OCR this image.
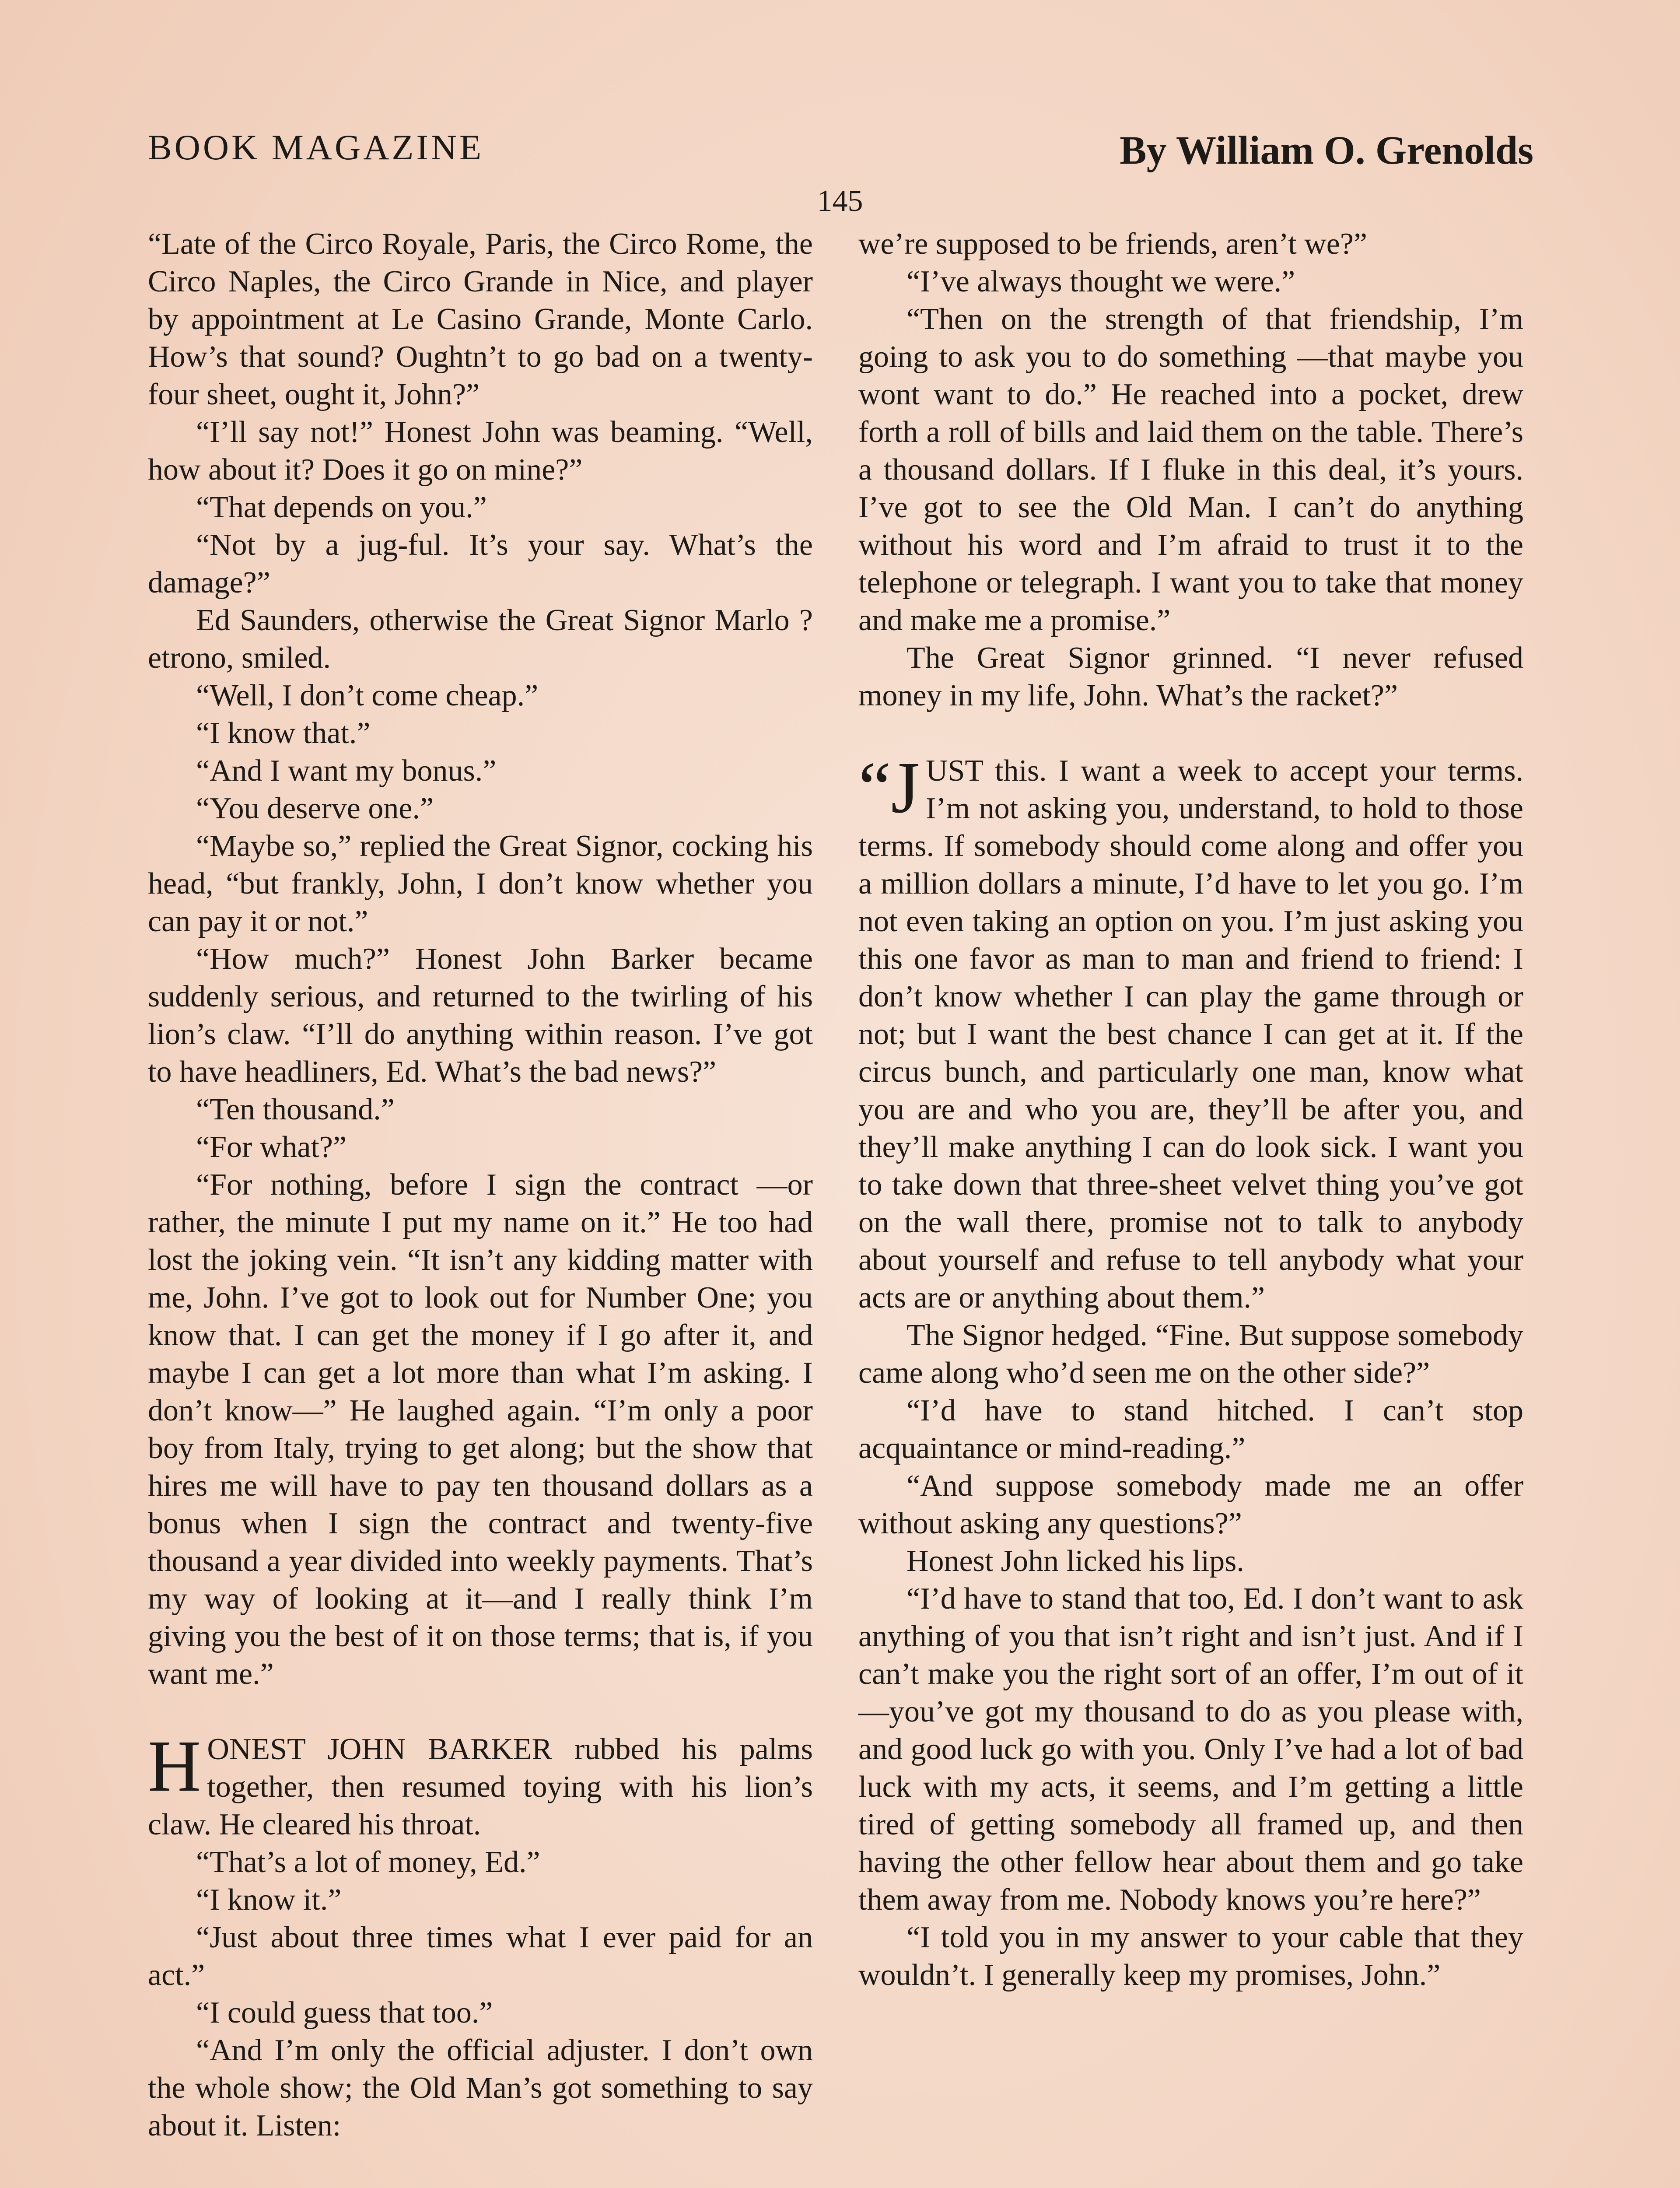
BOOK MAGAZINE	By William O. Grenolds
145

“Late of the Circo Royale, Paris, the Circo Rome, the Circo Naples, the Circo Grande in Nice, and player by appointment at Le Casino Grande, Monte Carlo. How’s that sound? Oughtn’t to go bad on a twenty-four sheet, ought it, John?”

“I’ll say not!” Honest John was beaming. “Well, how about it? Does it go on mine?”

“That depends on you.”

“Not by a jug-ful. It’s your say. What’s the damage?”

Ed Saunders, otherwise the Great Signor Marlo ?etrono, smiled.

“Well, I don’t come cheap.”

“I know that.”

“And I want my bonus.”

“You deserve one.”

“Maybe so,” replied the Great Signor, cocking his head, “but frankly, John, I don’t know whether you can pay it or not.”

“How much?” Honest John Barker became suddenly serious, and returned to the twirling of his lion’s claw. “I’ll do anything within reason. I’ve got to have headliners, Ed. What’s the bad news?”

“Ten thousand.”

“For what?”

“For nothing, before I sign the contract —or rather, the minute I put my name on it.” He too had lost the joking vein. “It isn’t any kidding matter with me, John. I’ve got to look out for Number One; you know that. I can get the money if I go after it, and maybe I can get a lot more than what I’m asking. I don’t know—” He laughed again. “I’m only a poor boy from Italy, trying to get along; but the show that hires me will have to pay ten thousand dollars as a bonus when I sign the contract and twenty-five thousand a year divided into weekly payments. That’s my way of looking at it—and I really think I’m giving you the best of it on those terms; that is, if you want me.”

HONEST JOHN BARKER rubbed his palms together, then resumed toying with his lion’s claw. He cleared his throat.

“That’s a lot of money, Ed.”

“I know it.”

“Just about three times what I ever paid for an act.”

“I could guess that too.”

“And I’m only the official adjuster. I don’t own the whole show; the Old Man’s got something to say about it. Listen:

we’re supposed to be friends, aren’t we?”

“I’ve always thought we were.”

“Then on the strength of that friendship, I’m going to ask you to do something —that maybe you wont want to do.” He reached into a pocket, drew forth a roll of bills and laid them on the table. There’s a thousand dollars. If I fluke in this deal, it’s yours. I’ve got to see the Old Man. I can’t do anything without his word and I’m afraid to trust it to the telephone or telegraph. I want you to take that money and make me a promise.”

The Great Signor grinned. “I never refused money in my life, John. What’s the racket?”

“JUST this. I want a week to accept your terms. I’m not asking you, understand, to hold to those terms. If somebody should come along and offer you a million dollars a minute, I’d have to let you go. I’m not even taking an option on you. I’m just asking you this one favor as man to man and friend to friend: I don’t know whether I can play the game through or not; but I want the best chance I can get at it. If the circus bunch, and particularly one man, know what you are and who you are, they’ll be after you, and they’ll make anything I can do look sick. I want you to take down that three-sheet velvet thing you’ve got on the wall there, promise not to talk to anybody about yourself and refuse to tell anybody what your acts are or anything about them.”

The Signor hedged. “Fine. But suppose somebody came along who’d seen me on the other side?”

“I’d have to stand hitched. I can’t stop acquaintance or mind-reading.”

“And suppose somebody made me an offer without asking any questions?”

Honest John licked his lips.

“I’d have to stand that too, Ed. I don’t want to ask anything of you that isn’t right and isn’t just. And if I can’t make you the right sort of an offer, I’m out of it—you’ve got my thousand to do as you please with, and good luck go with you. Only I’ve had a lot of bad luck with my acts, it seems, and I’m getting a little tired of getting somebody all framed up, and then having the other fellow hear about them and go take them away from me. Nobody knows you’re here?”

“I told you in my answer to your cable that they wouldn’t. I generally keep my promises, John.”
